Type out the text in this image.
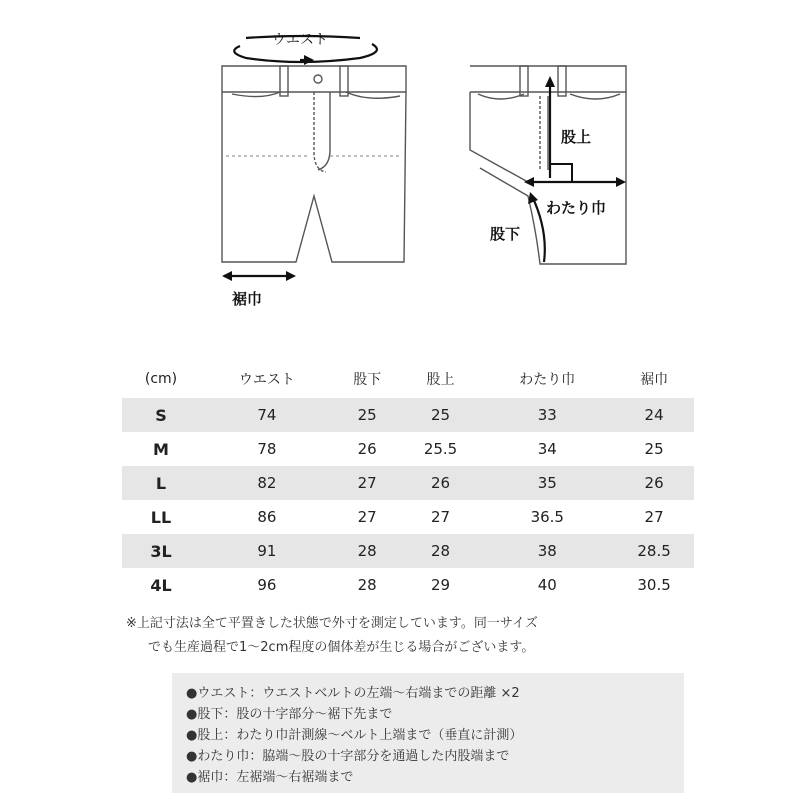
ウエスト
股上
わたり巾
股下
裾巾
(cm)	ウエスト	股下	股上	わたり巾	裾巾
S	74	25	25	33	24
M	78	26	25.5	34	25
L	82	27	26	35	26
LL	86	27	27	36.5	27
3L	91	28	28	38	28.5
4L	96	28	29	40	30.5
※上記寸法は全て平置きした状態で外寸を測定しています。同一サイズ
でも生産過程で1～2cm程度の個体差が生じる場合がございます。
●ウエスト：ウエストベルトの左端～右端までの距離 ×2
●股下：股の十字部分～裾下先まで
●股上：わたり巾計測線～ベルト上端まで（垂直に計測）
●わたり巾：脇端～股の十字部分を通過した内股端まで
●裾巾：左裾端～右裾端まで
